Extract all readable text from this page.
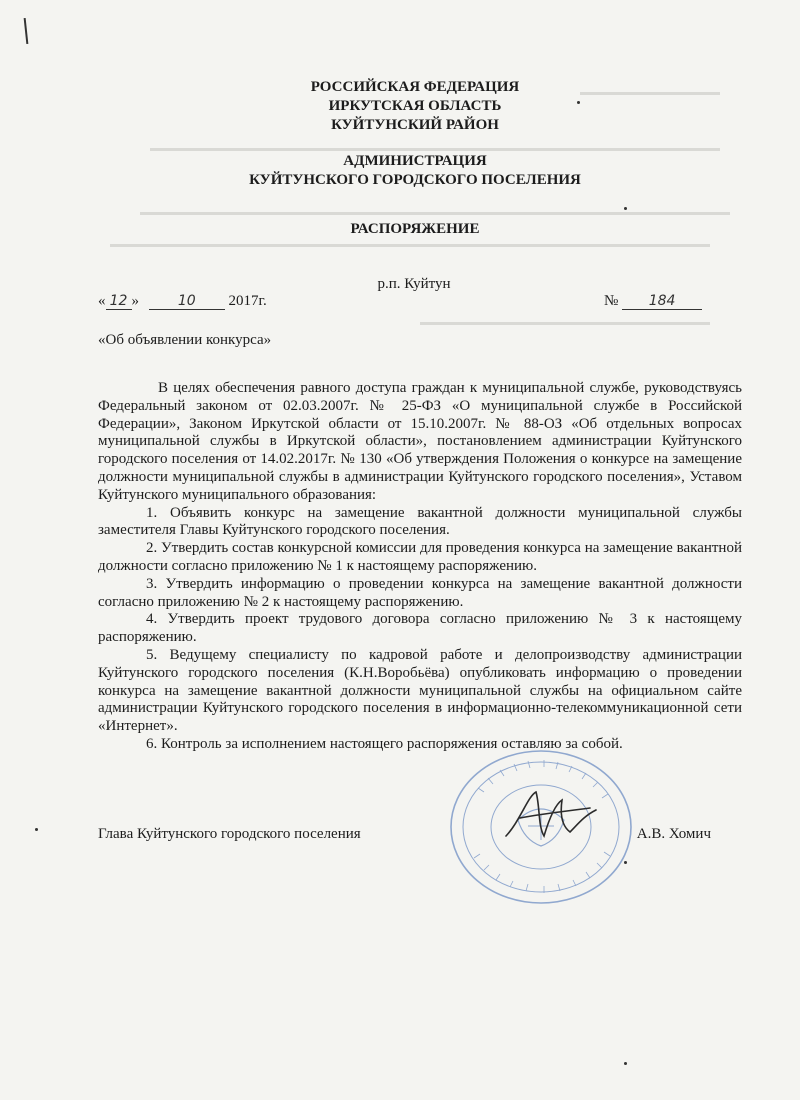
РОССИЙСКАЯ ФЕДЕРАЦИЯ
ИРКУТСКАЯ ОБЛАСТЬ
КУЙТУНСКИЙ РАЙОН
АДМИНИСТРАЦИЯ
КУЙТУНСКОГО ГОРОДСКОГО ПОСЕЛЕНИЯ
РАСПОРЯЖЕНИЕ
р.п. Куйтун
« 12 »	10 2017г.	№ 184
«Об объявлении конкурса»

В целях обеспечения равного доступа граждан к муниципальной службе, руководствуясь Федеральный законом от 02.03.2007г. № 25-ФЗ «О муниципальной службе в Российской Федерации», Законом Иркутской области от 15.10.2007г. № 88-ОЗ «Об отдельных вопросах муниципальной службы в Иркутской области», постановлением администрации Куйтунского городского поселения от 14.02.2017г. № 130 «Об утверждения Положения о конкурсе на замещение должности муниципальной службы в администрации Куйтунского городского поселения», Уставом Куйтунского муниципального образования:

1. Объявить конкурс на замещение вакантной должности муниципальной службы заместителя Главы Куйтунского городского поселения.

2. Утвердить состав конкурсной комиссии для проведения конкурса на замещение вакантной должности согласно приложению № 1 к настоящему распоряжению.

3. Утвердить информацию о проведении конкурса на замещение вакантной должности согласно приложению № 2 к настоящему распоряжению.

4. Утвердить проект трудового договора согласно приложению № 3 к настоящему распоряжению.

5. Ведущему специалисту по кадровой работе и делопроизводству администрации Куйтунского городского поселения (К.Н.Воробьёва) опубликовать информацию о проведении конкурса на замещение вакантной должности муниципальной службы на официальном сайте администрации Куйтунского городского поселения в информационно-телекоммуникационной сети «Интернет».

6. Контроль за исполнением настоящего распоряжения оставляю за собой.

Глава Куйтунского городского поселения	А.В. Хомич
